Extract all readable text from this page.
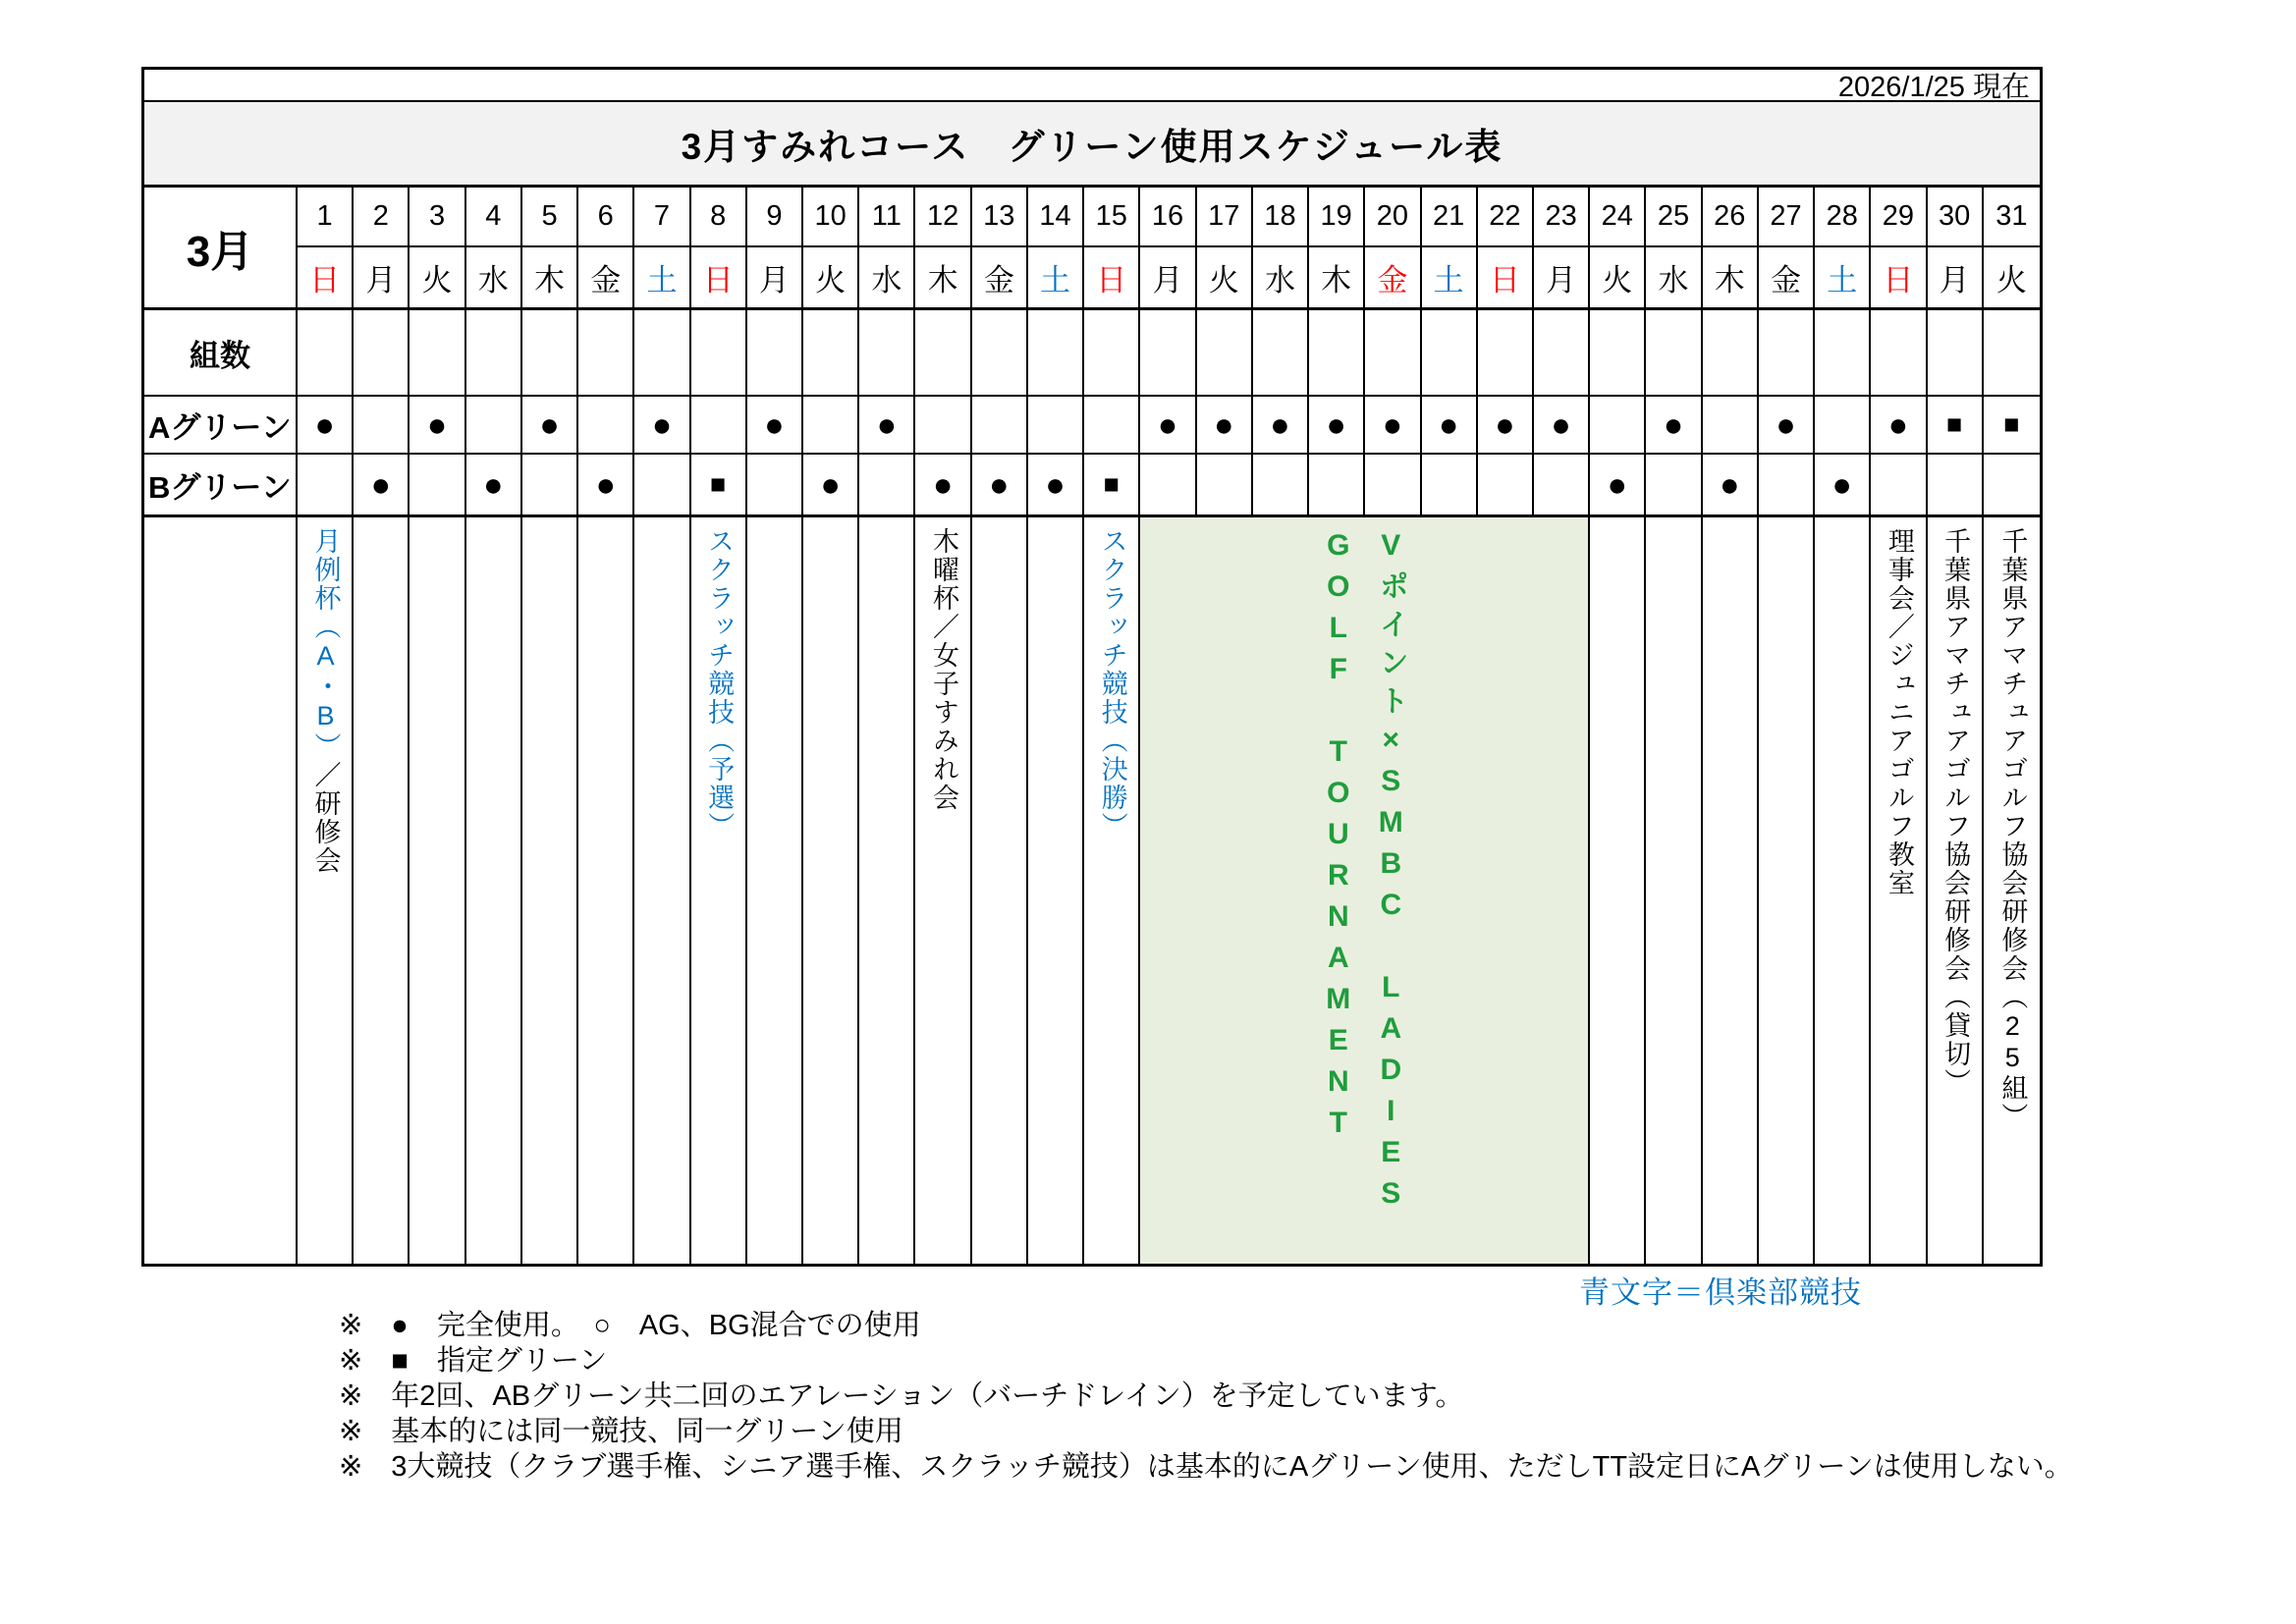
2026/1/25 現在
3月すみれコース　グリーン使用スケジュール表
3月
組数
Aグリーン
Bグリーン
GOLF TOURNAMENT Vポイント×SMBC LADIES
1
日
●
月例杯︵A・B︶／研修会
2
月
●
3
火
●
4
水
●
5
木
●
6
金
●
7
土
●
8
日
■
スクラッチ競技︵予選︶
9
月
●
10
火
●
11
水
●
12
木
●
木曜杯／女子すみれ会
13
金
●
14
土
●
15
日
■
スクラッチ競技︵決勝︶
16
月
●
17
火
●
18
水
●
19
木
●
20
金
●
21
土
●
22
日
●
23
月
●
24
火
●
25
水
●
26
木
●
27
金
●
28
土
●
29
日
●
理事会／ジュニアゴルフ教室
30
月
■
千葉県アマチュアゴルフ協会研修会︵貸切︶
31
火
■
千葉県アマチュアゴルフ協会研修会︵25組︶
青文字＝倶楽部競技
※　●　完全使用。　○　AG、BG混合での使用
※　■　指定グリーン
※　年2回、ABグリーン共二回のエアレーション（バーチドレイン）を予定しています。
※　基本的には同一競技、同一グリーン使用
※　3大競技（クラブ選手権、シニア選手権、スクラッチ競技）は基本的にAグリーン使用、ただしTT設定日にAグリーンは使用しない。
